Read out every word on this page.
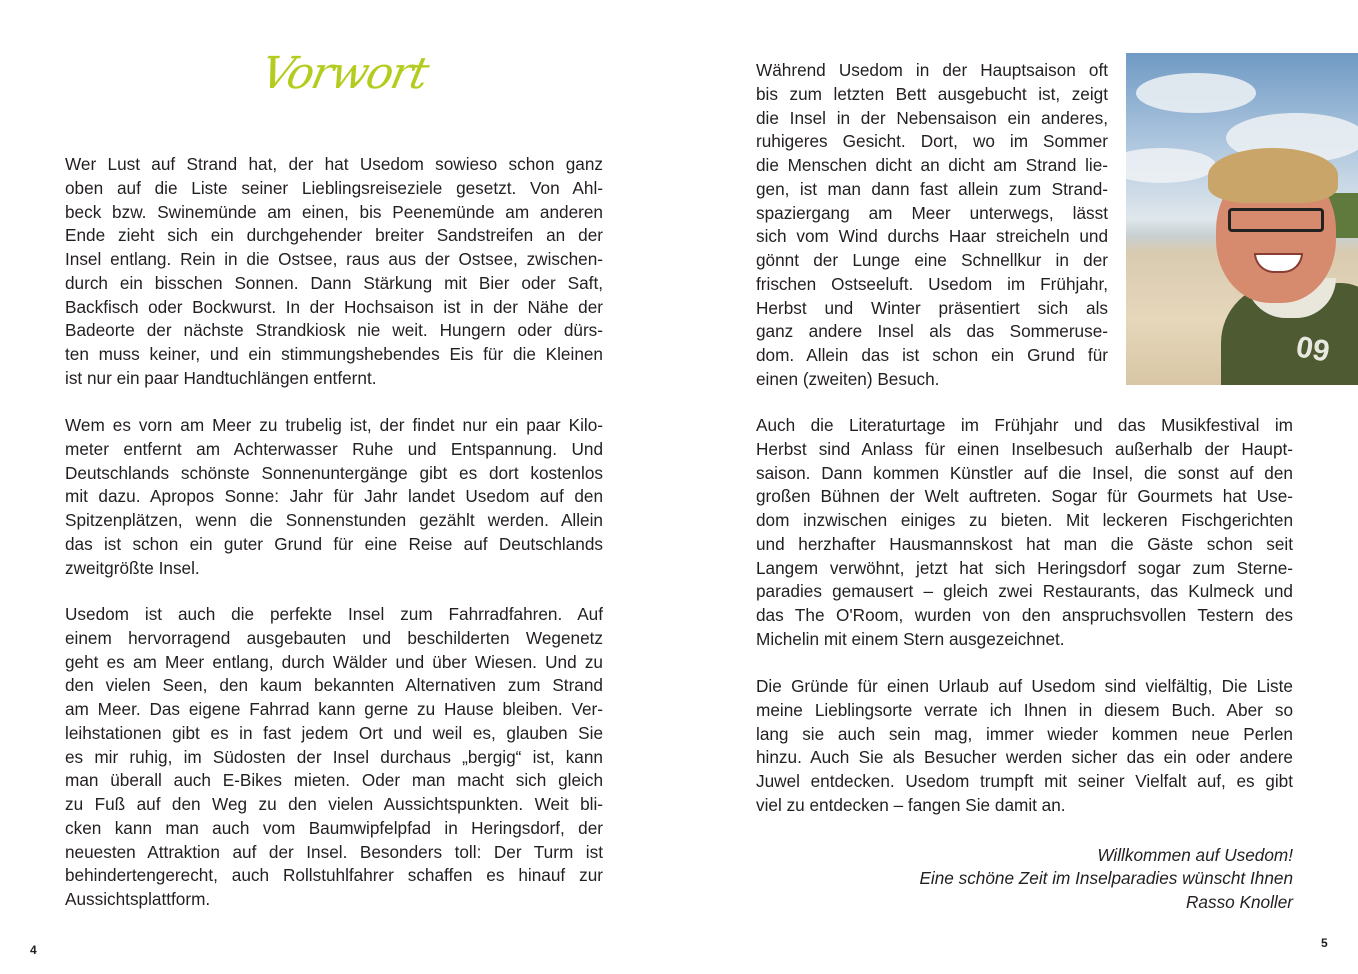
Vorwort
Wer Lust auf Strand hat, der hat Usedom sowieso schon ganz
oben auf die Liste seiner Lieblingsreiseziele gesetzt. Von Ahl-
beck bzw. Swinemünde am einen, bis Peenemünde am anderen
Ende zieht sich ein durchgehender breiter Sandstreifen an der
Insel entlang. Rein in die Ostsee, raus aus der Ostsee, zwischen-
durch ein bisschen Sonnen. Dann Stärkung mit Bier oder Saft,
Backfisch oder Bockwurst. In der Hochsaison ist in der Nähe der
Badeorte der nächste Strandkiosk nie weit. Hungern oder dürs-
ten muss keiner, und ein stimmungshebendes Eis für die Kleinen
ist nur ein paar Handtuchlängen entfernt.
Wem es vorn am Meer zu trubelig ist, der findet nur ein paar Kilo-
meter entfernt am Achterwasser Ruhe und Entspannung. Und
Deutschlands schönste Sonnenuntergänge gibt es dort kostenlos
mit dazu. Apropos Sonne: Jahr für Jahr landet Usedom auf den
Spitzenplätzen, wenn die Sonnenstunden gezählt werden. Allein
das ist schon ein guter Grund für eine Reise auf Deutschlands
zweitgrößte Insel.
Usedom ist auch die perfekte Insel zum Fahrradfahren. Auf
einem hervorragend ausgebauten und beschilderten Wegenetz
geht es am Meer entlang, durch Wälder und über Wiesen. Und zu
den vielen Seen, den kaum bekannten Alternativen zum Strand
am Meer. Das eigene Fahrrad kann gerne zu Hause bleiben. Ver-
leihstationen gibt es in fast jedem Ort und weil es, glauben Sie
es mir ruhig, im Südosten der Insel durchaus „bergig“ ist, kann
man überall auch E-Bikes mieten. Oder man macht sich gleich
zu Fuß auf den Weg zu den vielen Aussichtspunkten. Weit bli-
cken kann man auch vom Baumwipfelpfad in Heringsdorf, der
neuesten Attraktion auf der Insel. Besonders toll: Der Turm ist
behindertengerecht, auch Rollstuhlfahrer schaffen es hinauf zur
Aussichtsplattform.
Willkommen auf Usedom!
Eine schöne Zeit im Inselparadies wünscht Ihnen
Rasso Knoller
Während Usedom in der Hauptsaison oft
bis zum letzten Bett ausgebucht ist, zeigt
die Insel in der Nebensaison ein anderes,
ruhigeres Gesicht. Dort, wo im Sommer
die Menschen dicht an dicht am Strand lie-
gen, ist man dann fast allein zum Strand-
spaziergang am Meer unterwegs, lässt
sich vom Wind durchs Haar streicheln und
gönnt der Lunge eine Schnellkur in der
frischen Ostseeluft. Usedom im Frühjahr,
Herbst und Winter präsentiert sich als
ganz andere Insel als das Sommeruse-
dom. Allein das ist schon ein Grund für
einen (zweiten) Besuch.
Auch die Literaturtage im Frühjahr und das Musikfestival im
Herbst sind Anlass für einen Inselbesuch außerhalb der Haupt-
saison. Dann kommen Künstler auf die Insel, die sonst auf den
großen Bühnen der Welt auftreten. Sogar für Gourmets hat Use-
dom inzwischen einiges zu bieten. Mit leckeren Fischgerichten
und herzhafter Hausmannskost hat man die Gäste schon seit
Langem verwöhnt, jetzt hat sich Heringsdorf sogar zum Sterne-
paradies gemausert – gleich zwei Restaurants, das Kulmeck und
das The O'Room, wurden von den anspruchsvollen Testern des
Michelin mit einem Stern ausgezeichnet.
Die Gründe für einen Urlaub auf Usedom sind vielfältig, Die Liste
meine Lieblingsorte verrate ich Ihnen in diesem Buch. Aber so
lang sie auch sein mag, immer wieder kommen neue Perlen
hinzu. Auch Sie als Besucher werden sicher das ein oder andere
Juwel entdecken. Usedom trumpft mit seiner Vielfalt auf, es gibt
viel zu entdecken – fangen Sie damit an.
09
4	5
